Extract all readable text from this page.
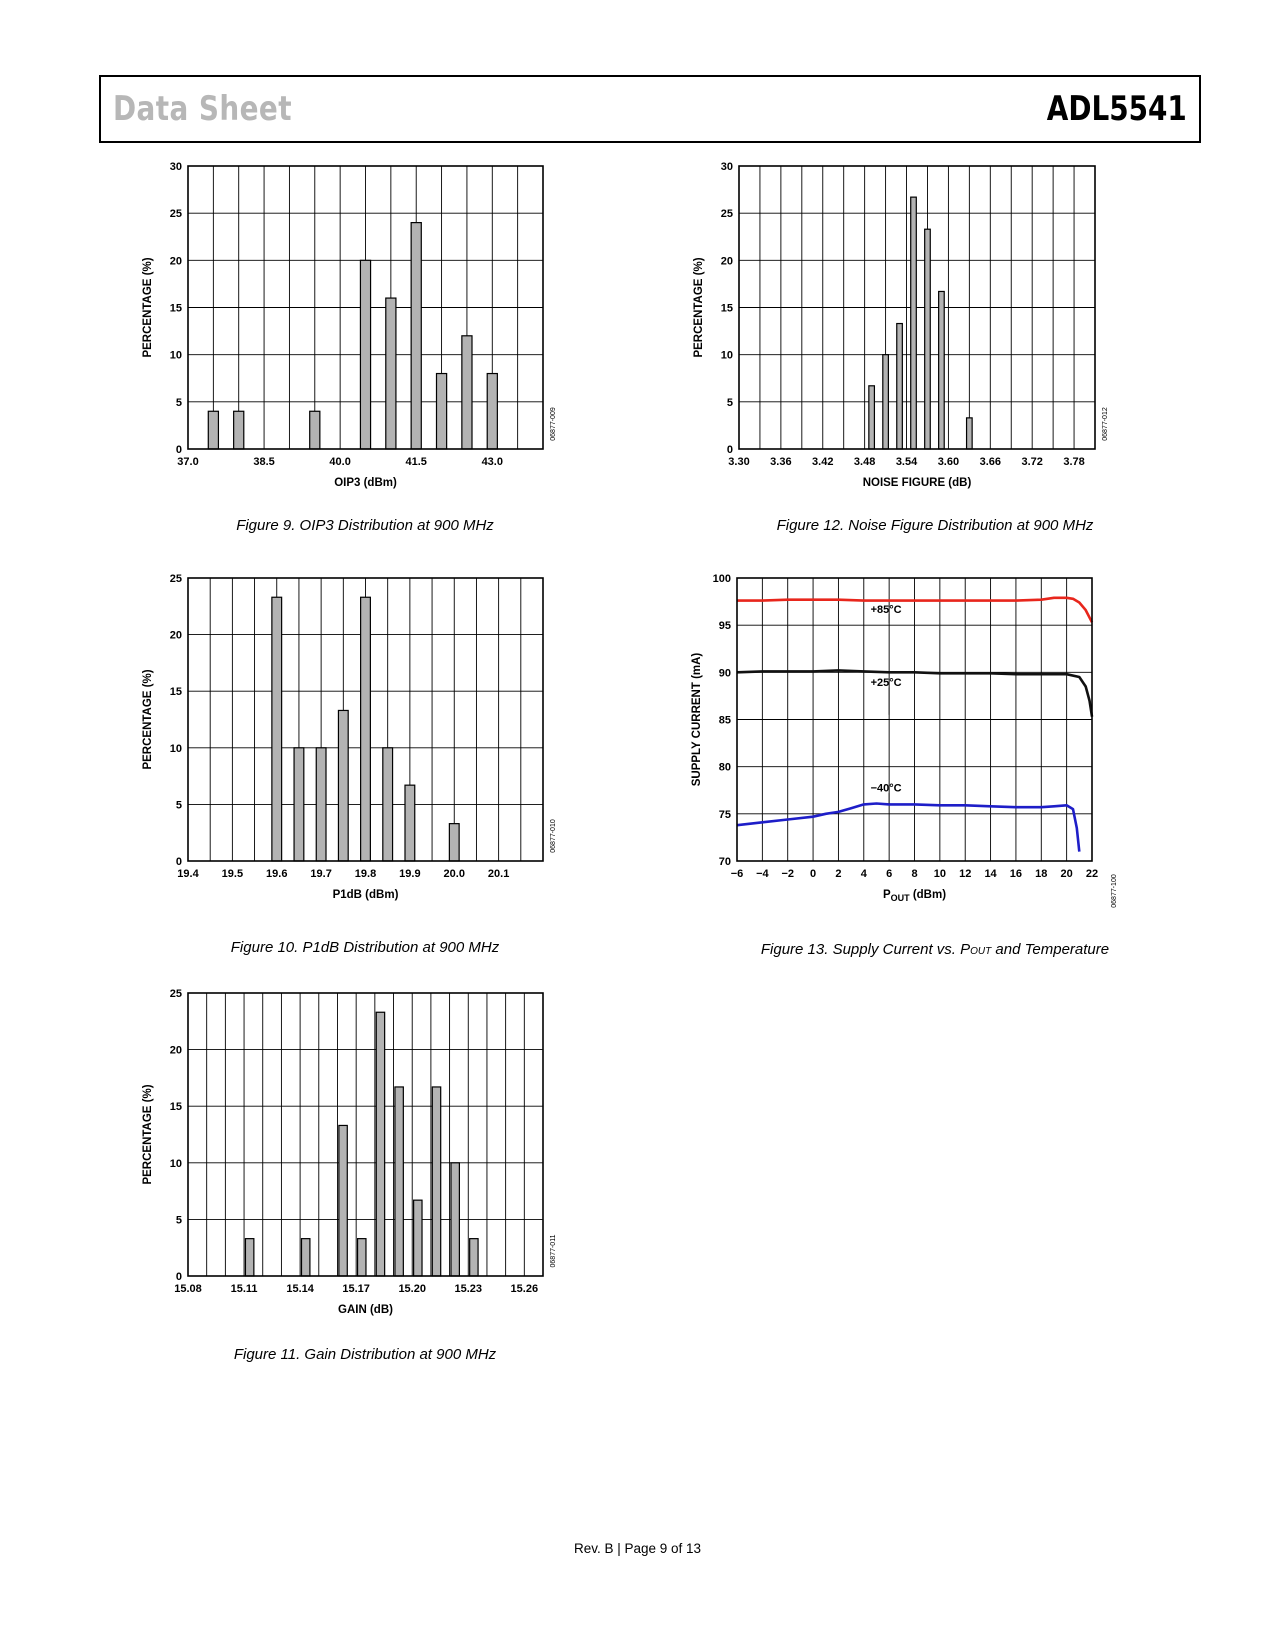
Data Sheet	ADL5541
0
5
10
15
20
25
30
37.0	38.5	40.0	41.5	43.0
PERCENTAGE (%)
OIP3 (dBm)
06877-009
Figure 9. OIP3 Distribution at 900 MHz
0
5
10
15
20
25
30
3.30 3.36 3.42 3.48 3.54 3.60 3.66 3.72 3.78
PERCENTAGE (%)
NOISE FIGURE (dB)
06877-012
Figure 12. Noise Figure Distribution at 900 MHz
0
5
10
15
20
25
19.4 19.5 19.6 19.7 19.8 19.9 20.0 20.1
PERCENTAGE (%)
P1dB (dBm)
06877-010
Figure 10. P1dB Distribution at 900 MHz
+85°C
+25°C
−40°C
70
75
80
85
90
95
100
−6 −4 −2 0 2 4 6 8 10 12 14 16 18 20 22
SUPPLY CURRENT (mA)
$P_{OUT}$ (dBm)	06877-100
Figure 13. Supply Current vs. POUT and Temperature
0
5
10
15
20
25
15.08	15.11	15.14	15.17	15.20	15.23	15.26
PERCENTAGE (%)
GAIN (dB)
06877-011
Figure 11. Gain Distribution at 900 MHz
Rev. B | Page 9 of 13
